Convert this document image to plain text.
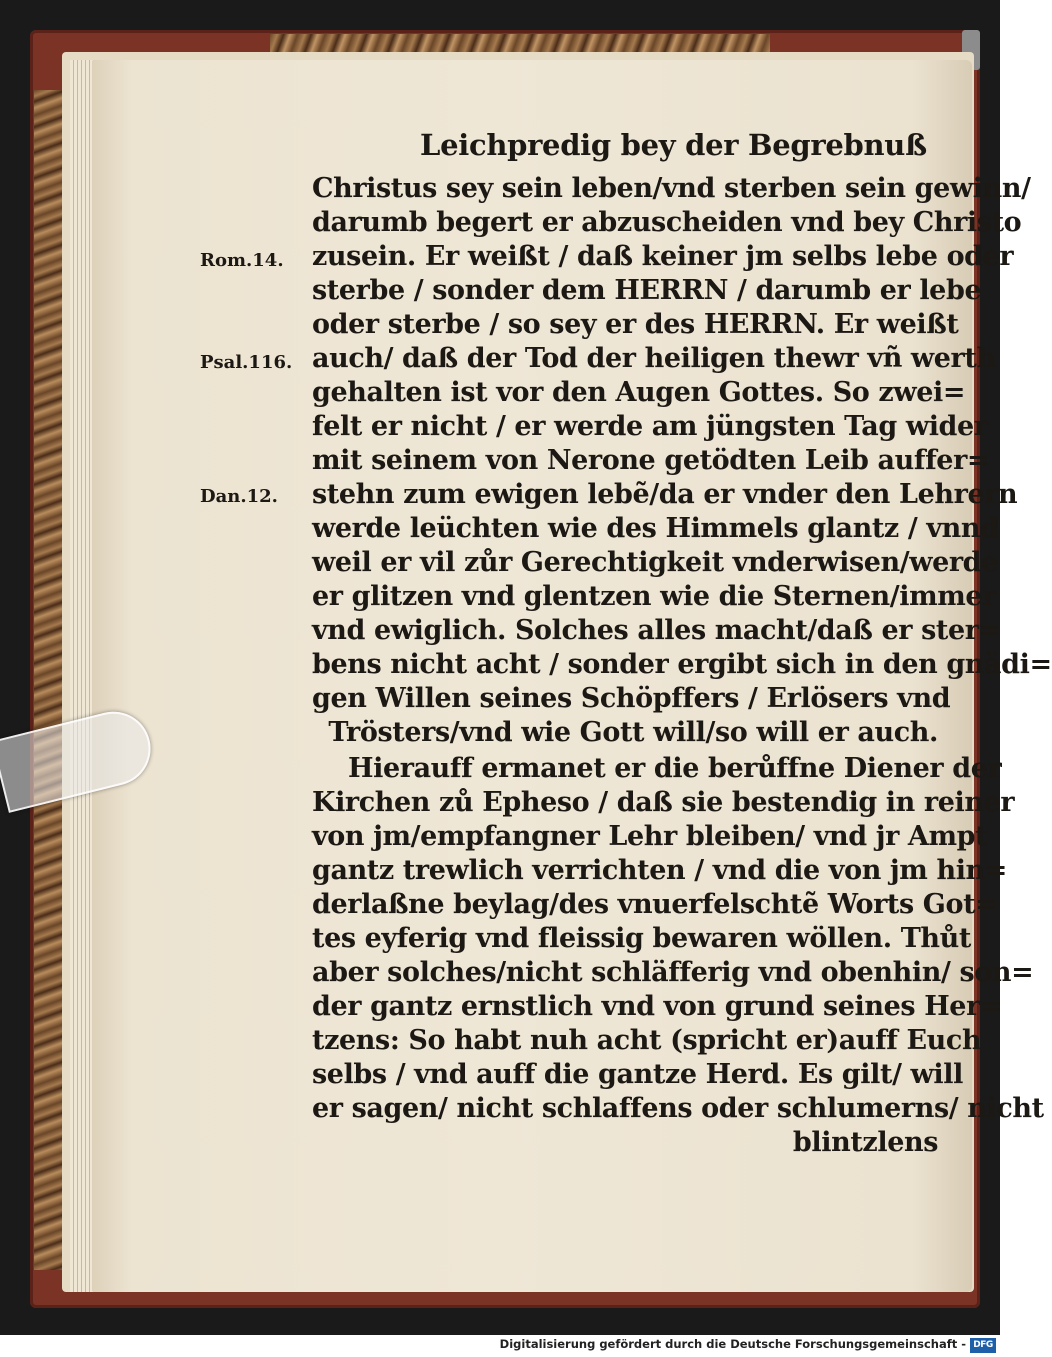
Leichpredig bey der Begrebnuß
Rom.14.
Psal.116.
Dan.12.
Christus sey sein leben/vnd sterben sein gewinn/
darumb begert er abzuscheiden vnd bey Christo
zusein. Er weißt / daß keiner jm selbs lebe oder
sterbe / sonder dem HERRN / darumb er lebe
oder sterbe / so sey er des HERRN. Er weißt
auch/ daß der Tod der heiligen thewr vñ werth
gehalten ist vor den Augen Gottes. So zwei=
felt er nicht / er werde am jüngsten Tag wider
mit seinem von Nerone getödten Leib auffer=
stehn zum ewigen lebẽ/da er vnder den Lehrern
werde leüchten wie des Himmels glantz / vnnd
weil er vil zůr Gerechtigkeit vnderwisen/werde
er glitzen vnd glentzen wie die Sternen/immer
vnd ewiglich. Solches alles macht/daß er ster=
bens nicht acht / sonder ergibt sich in den gnädi=
gen Willen seines Schöpffers / Erlösers vnd
Trösters/vnd wie Gott will/so will er auch.
Hierauff ermanet er die berůffne Diener der
Kirchen zů Epheso / daß sie bestendig in reiner
von jm/empfangner Lehr bleiben/ vnd jr Ampt
gantz trewlich verrichten / vnd die von jm hin=
derlaßne beylag/des vnuerfelschtẽ Worts Got=
tes eyferig vnd fleissig bewaren wöllen. Thůt
aber solches/nicht schläfferig vnd obenhin/ son=
der gantz ernstlich vnd von grund seines Her=
tzens: So habt nuh acht (spricht er)auff Euch
selbs / vnd auff die gantze Herd. Es gilt/ will
er sagen/ nicht schlaffens oder schlumerns/ nicht
blintzlens
Digitalisierung gefördert durch die Deutsche Forschungsgemeinschaft - DFG
